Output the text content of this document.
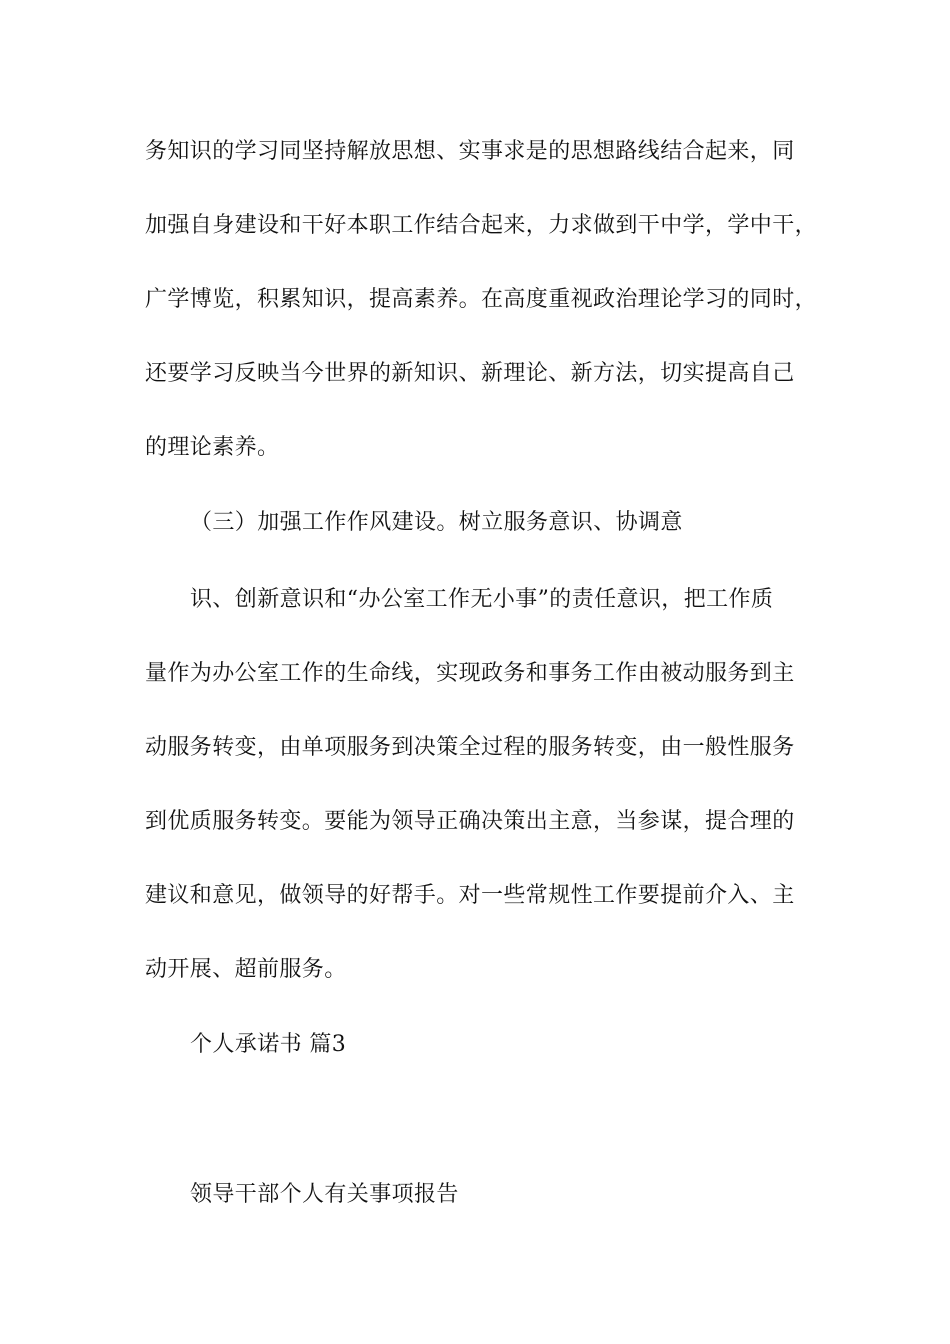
务知识的学习同坚持解放思想、实事求是的思想路线结合起来，同
加强自身建设和干好本职工作结合起来，力求做到干中学，学中干，
广学博览，积累知识，提高素养。在高度重视政治理论学习的同时，
还要学习反映当今世界的新知识、新理论、新方法，切实提高自己
的理论素养。
（三）加强工作作风建设。树立服务意识、协调意
识、创新意识和“办公室工作无小事”的责任意识，把工作质
量作为办公室工作的生命线，实现政务和事务工作由被动服务到主
动服务转变，由单项服务到决策全过程的服务转变，由一般性服务
到优质服务转变。要能为领导正确决策出主意，当参谋，提合理的
建议和意见，做领导的好帮手。对一些常规性工作要提前介入、主
动开展、超前服务。
个人承诺书 篇3
领导干部个人有关事项报告
